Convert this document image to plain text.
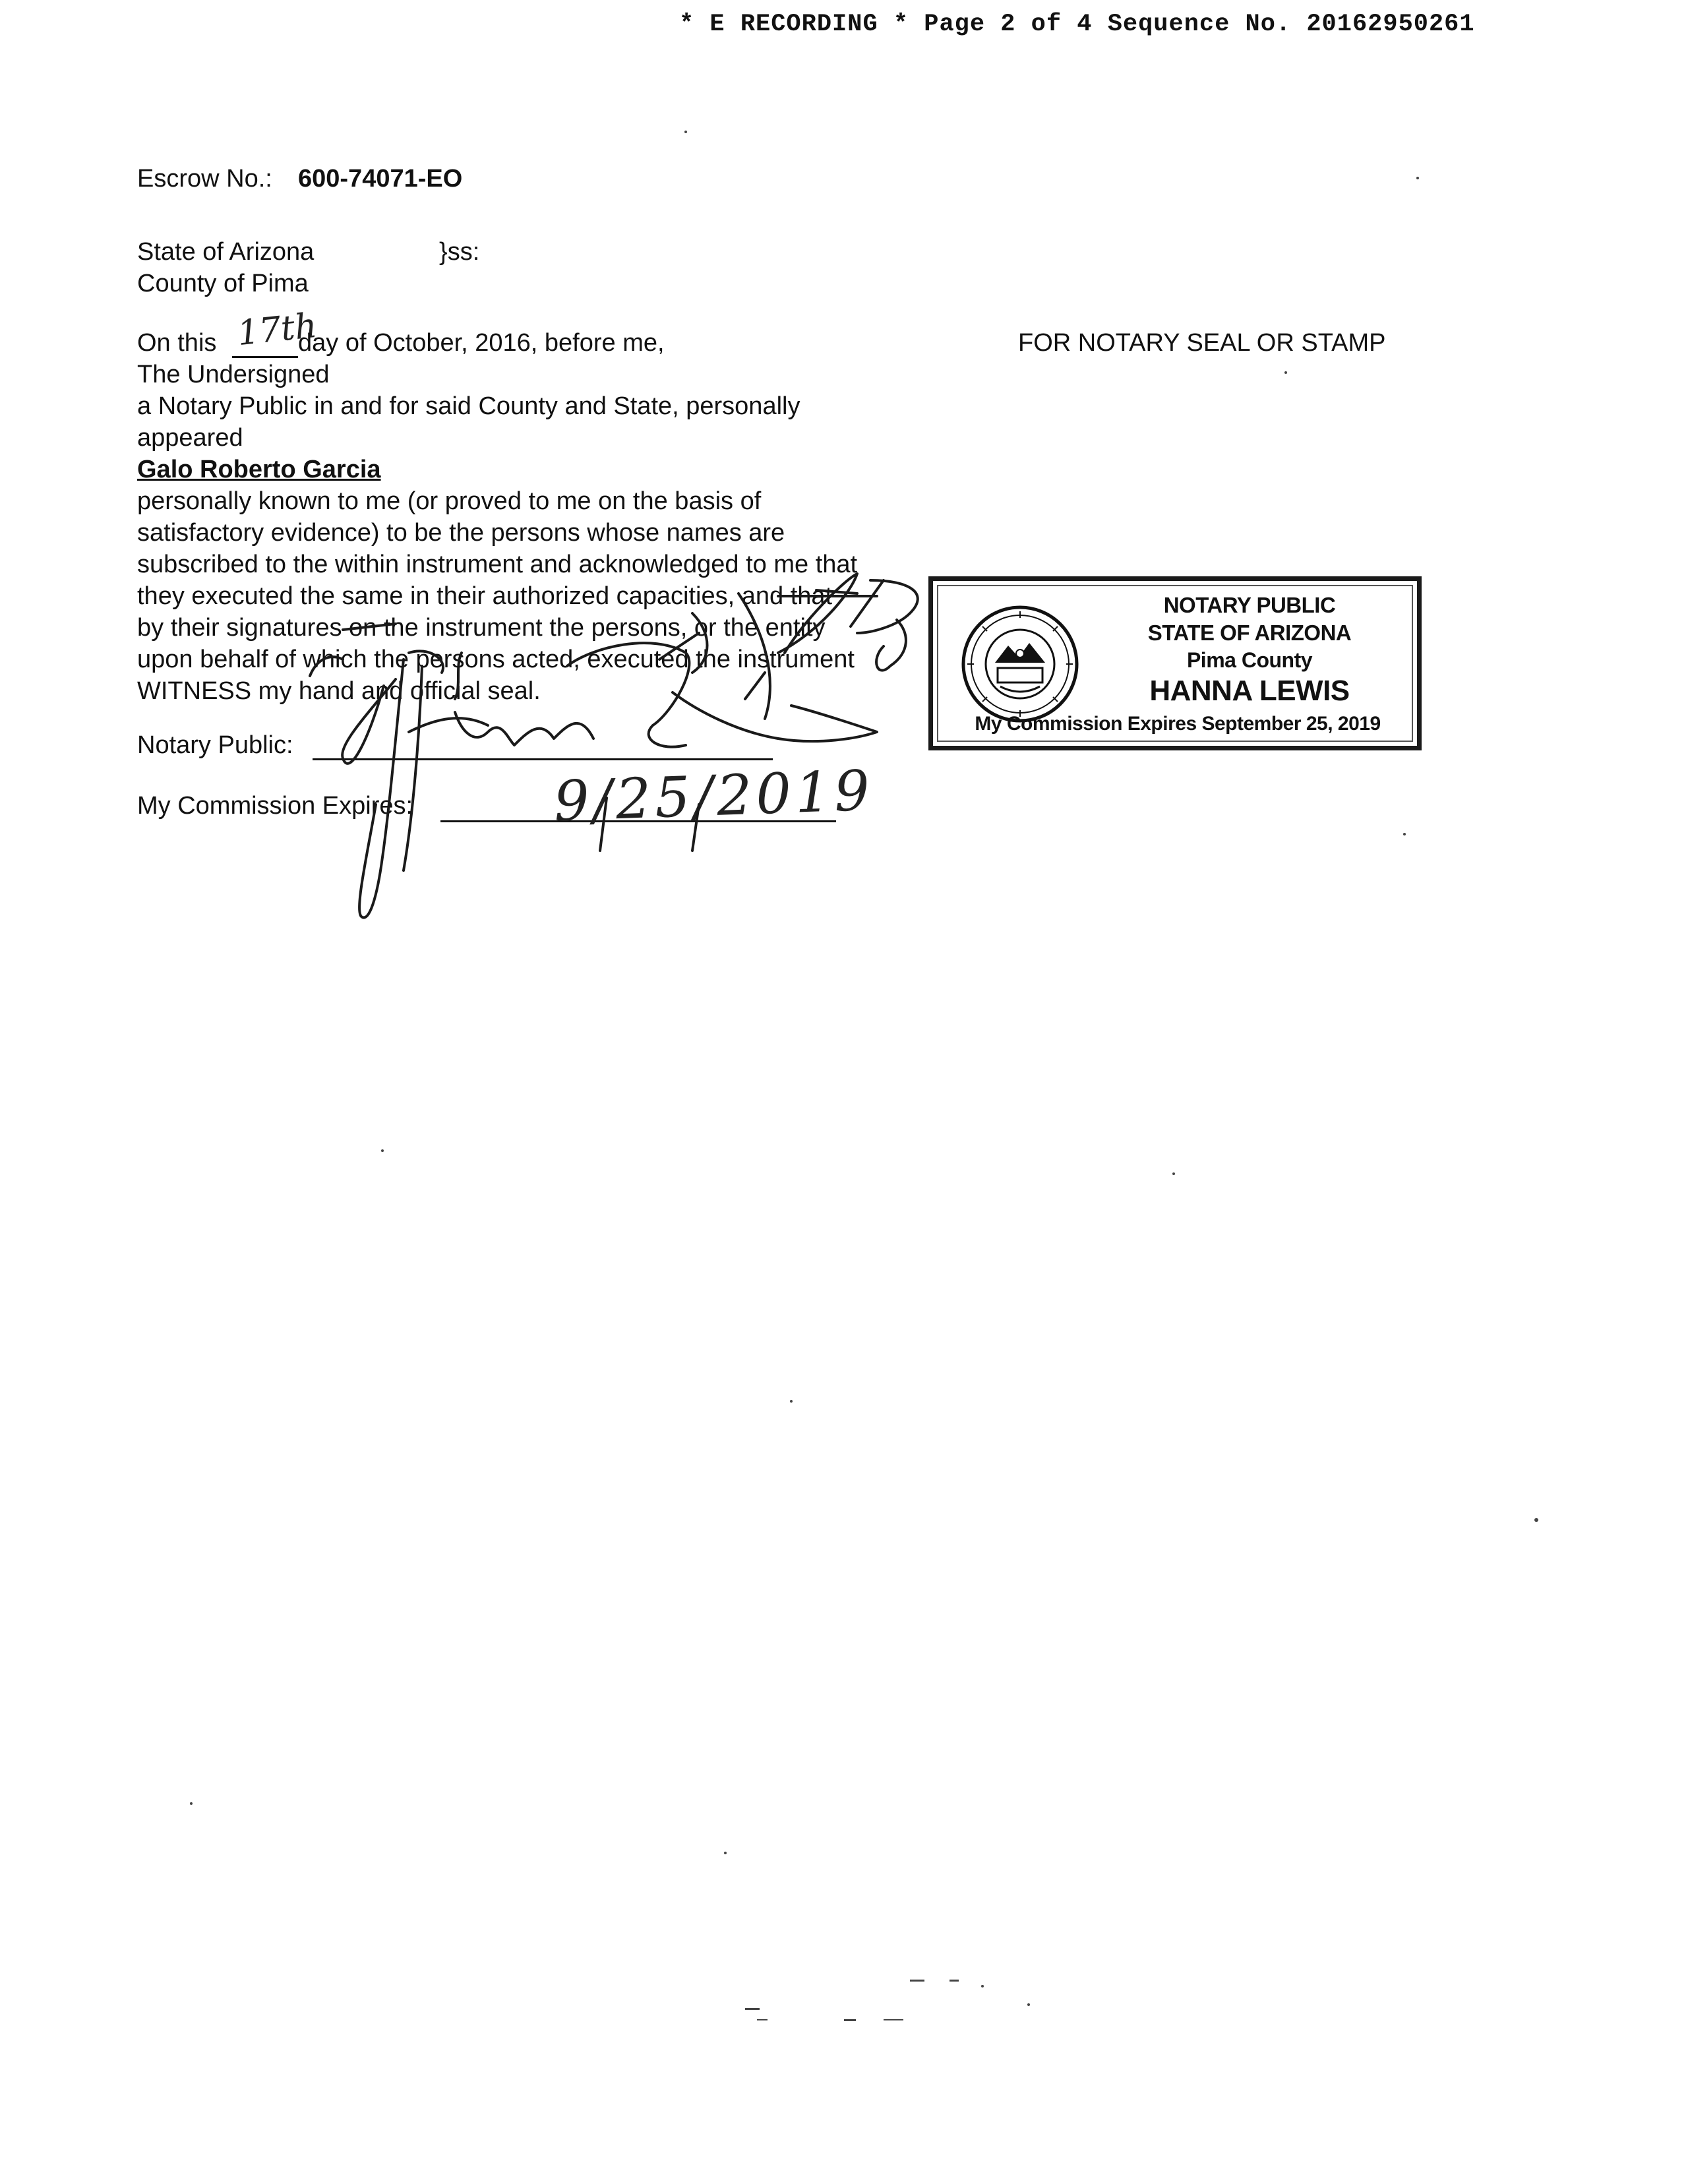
* E RECORDING * Page 2 of 4 Sequence No. 20162950261
Escrow No.: 600-74071-EO
State of Arizona	}ss:
County of Pima
On this 17th
day of October, 2016, before me,
The Undersigned
a Notary Public in and for said County and State, personally
appeared
Galo Roberto Garcia
personally known to me (or proved to me on the basis of
satisfactory evidence) to be the persons whose names are
subscribed to the within instrument and acknowledged to me that
they executed the same in their authorized capacities, and that
by their signatures on the instrument the persons, or the entity
upon behalf of which the persons acted, executed the instrument
WITNESS my hand and official seal.
Notary Public:
My Commission Expires:	9/25/2019
FOR NOTARY SEAL OR STAMP
NOTARY PUBLIC
STATE OF ARIZONA
Pima County
HANNA LEWIS
My Commission Expires September 25, 2019
